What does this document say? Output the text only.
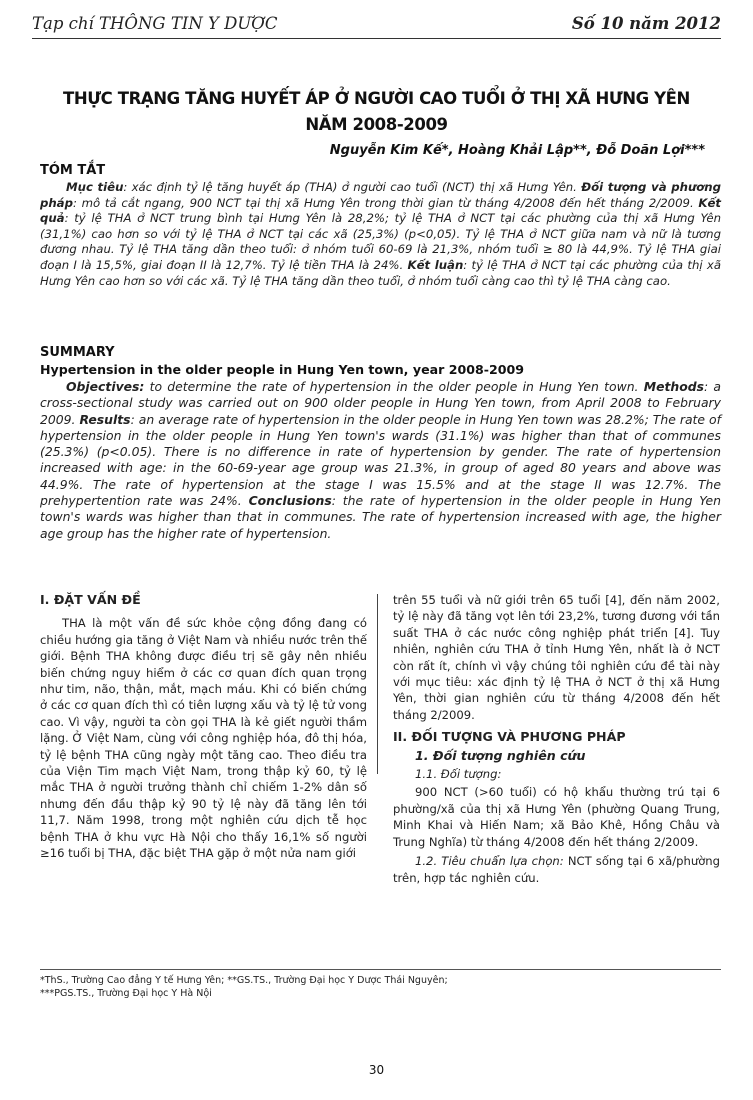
Tạp chí THÔNG TIN Y DƯỢC	Số 10 năm 2012
THỰC TRẠNG TĂNG HUYẾT ÁP Ở NGƯỜI CAO TUỔI Ở THỊ XÃ HƯNG YÊN
NĂM 2008-2009
Nguyễn Kim Kế*, Hoàng Khải Lập**, Đỗ Doãn Lợi***
TÓM TẮT
Mục tiêu: xác định tỷ lệ tăng huyết áp (THA) ở người cao tuổi (NCT) thị xã Hưng Yên. Đối tượng và phương pháp: mô tả cắt ngang, 900 NCT tại thị xã Hưng Yên trong thời gian từ tháng 4/2008 đến hết tháng 2/2009. Kết quả: tỷ lệ THA ở NCT trung bình tại Hưng Yên là 28,2%; tỷ lệ THA ở NCT tại các phường của thị xã Hưng Yên (31,1%) cao hơn so với tỷ lệ THA ở NCT tại các xã (25,3%) (p<0,05). Tỷ lệ THA ở NCT giữa nam và nữ là tương đương nhau. Tỷ lệ THA tăng dần theo tuổi: ở nhóm tuổi 60-69 là 21,3%, nhóm tuổi ≥ 80 là 44,9%. Tỷ lệ THA giai đoạn I là 15,5%, giai đoạn II là 12,7%. Tỷ lệ tiền THA là 24%. Kết luận: tỷ lệ THA ở NCT tại các phường của thị xã Hưng Yên cao hơn so với các xã. Tỷ lệ THA tăng dần theo tuổi, ở nhóm tuổi càng cao thì tỷ lệ THA càng cao.
SUMMARY
Hypertension in the older people in Hung Yen town, year 2008-2009
Objectives: to determine the rate of hypertension in the older people in Hung Yen town. Methods: a cross-sectional study was carried out on 900 older people in Hung Yen town, from April 2008 to February 2009. Results: an average rate of hypertension in the older people in Hung Yen town was 28.2%; The rate of hypertension in the older people in Hung Yen town's wards (31.1%) was higher than that of communes (25.3%) (p<0.05). There is no difference in rate of hypertension by gender. The rate of hypertension increased with age: in the 60-69-year age group was 21.3%, in group of aged 80 years and above was 44.9%. The rate of hypertension at the stage I was 15.5% and at the stage II was 12.7%. The prehypertention rate was 24%. Conclusions: the rate of hypertension in the older people in Hung Yen town's wards was higher than that in communes. The rate of hypertension increased with age, the higher age group has the higher rate of hypertension.
I. ĐẶT VẤN ĐỀ

THA là một vấn đề sức khỏe cộng đồng đang có chiều hướng gia tăng ở Việt Nam và nhiều nước trên thế giới. Bệnh THA không được điều trị sẽ gây nên nhiều biến chứng nguy hiểm ở các cơ quan đích quan trọng như tim, não, thận, mắt, mạch máu. Khi có biến chứng ở các cơ quan đích thì có tiên lượng xấu và tỷ lệ tử vong cao. Vì vậy, người ta còn gọi THA là kẻ giết người thầm lặng. Ở Việt Nam, cùng với công nghiệp hóa, đô thị hóa, tỷ lệ bệnh THA cũng ngày một tăng cao. Theo điều tra của Viện Tim mạch Việt Nam, trong thập kỷ 60, tỷ lệ mắc THA ở người trưởng thành chỉ chiếm 1-2% dân số nhưng đến đầu thập kỷ 90 tỷ lệ này đã tăng lên tới 11,7. Năm 1998, trong một nghiên cứu dịch tễ học bệnh THA ở khu vực Hà Nội cho thấy 16,1% số người ≥16 tuổi bị THA, đặc biệt THA gặp ở một nửa nam giới

trên 55 tuổi và nữ giới trên 65 tuổi [4], đến năm 2002, tỷ lệ này đã tăng vọt lên tới 23,2%, tương đương với tần suất THA ở các nước công nghiệp phát triển [4]. Tuy nhiên, nghiên cứu THA ở tỉnh Hưng Yên, nhất là ở NCT còn rất ít, chính vì vậy chúng tôi nghiên cứu đề tài này với mục tiêu: xác định tỷ lệ THA ở NCT ở thị xã Hưng Yên, thời gian nghiên cứu từ tháng 4/2008 đến hết tháng 2/2009.

II. ĐỐI TƯỢNG VÀ PHƯƠNG PHÁP
1. Đối tượng nghiên cứu
1.1. Đối tượng:

900 NCT (>60 tuổi) có hộ khẩu thường trú tại 6 phường/xã của thị xã Hưng Yên (phường Quang Trung, Minh Khai và Hiến Nam; xã Bảo Khê, Hồng Châu và Trung Nghĩa) từ tháng 4/2008 đến hết tháng 2/2009.

1.2. Tiêu chuẩn lựa chọn: NCT sống tại 6 xã/phường trên, hợp tác nghiên cứu.

*ThS., Trường Cao đẳng Y tế Hưng Yên; **GS.TS., Trường Đại học Y Dược Thái Nguyên;
***PGS.TS., Trường Đại học Y Hà Nội
30
